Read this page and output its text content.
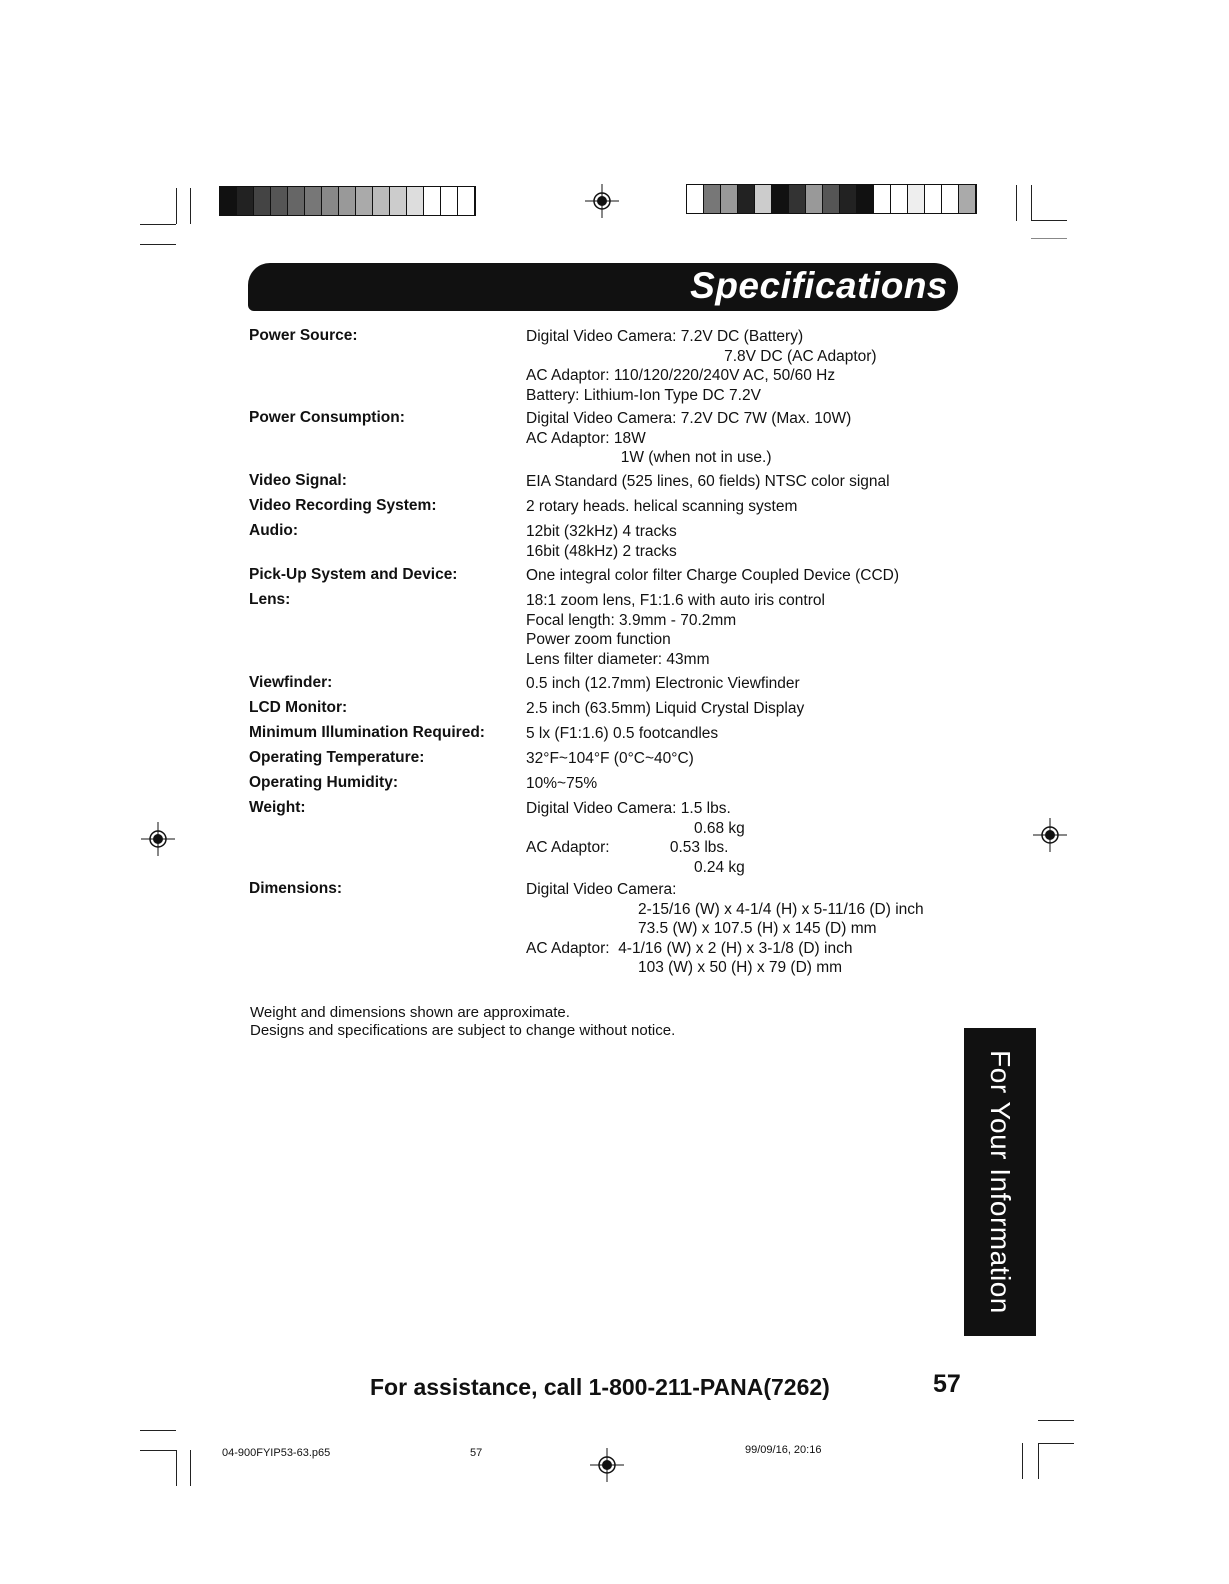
Specifications
Power Source:	Digital Video Camera: 7.2V DC (Battery)
7.8V DC (AC Adaptor)
AC Adaptor: 110/120/220/240V AC, 50/60 Hz
Battery: Lithium-Ion Type DC 7.2V
Power Consumption:	Digital Video Camera: 7.2V DC 7W (Max. 10W)
AC Adaptor: 18W
1W (when not in use.)
Video Signal:	EIA Standard (525 lines, 60 fields) NTSC color signal
Video Recording System:	2 rotary heads. helical scanning system
Audio:	12bit (32kHz) 4 tracks
16bit (48kHz) 2 tracks
Pick-Up System and Device:	One integral color filter Charge Coupled Device (CCD)
Lens:	18:1 zoom lens, F1:1.6 with auto iris control
Focal length: 3.9mm - 70.2mm
Power zoom function
Lens filter diameter: 43mm
Viewfinder:	0.5 inch (12.7mm) Electronic Viewfinder
LCD Monitor:	2.5 inch (63.5mm) Liquid Crystal Display
Minimum Illumination Required:	5 lx (F1:1.6) 0.5 footcandles
Operating Temperature:	32°F~104°F (0°C~40°C)
Operating Humidity:	10%~75%
Weight:	Digital Video Camera: 1.5 lbs.
0.68 kg
AC Adaptor:              0.53 lbs.
0.24 kg
Dimensions:	Digital Video Camera:
2-15/16 (W) x 4-1/4 (H) x 5-11/16 (D) inch
73.5 (W) x 107.5 (H) x 145 (D) mm
AC Adaptor:  4-1/16 (W) x 2 (H) x 3-1/8 (D) inch
103 (W) x 50 (H) x 79 (D) mm
Weight and dimensions shown are approximate.
Designs and specifications are subject to change without notice.
For Your Information
For assistance, call 1-800-211-PANA(7262)	57
04-900FYIP53-63.p65	57	99/09/16, 20:16
